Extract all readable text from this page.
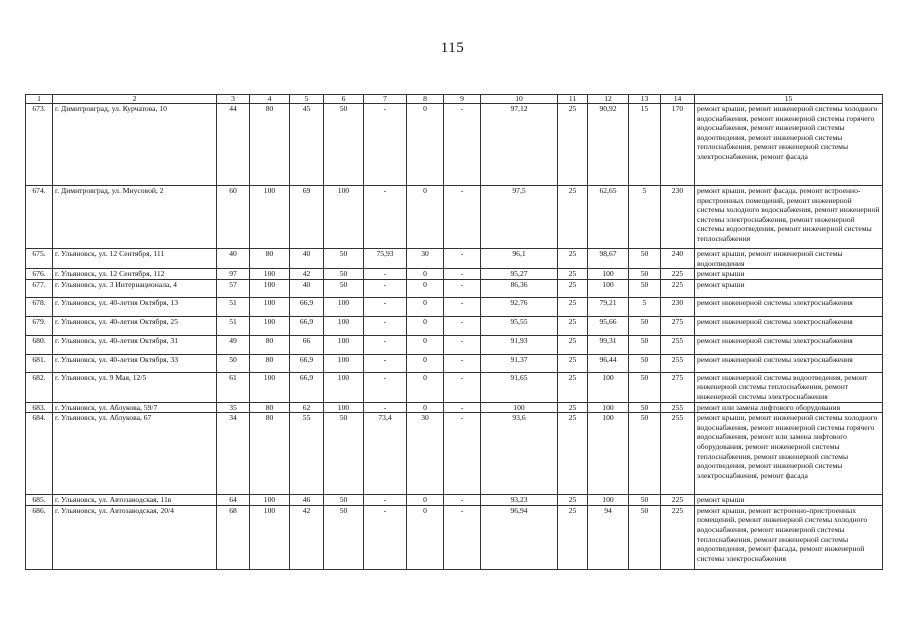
115
1	2	3	4	5	6	7	8	9	10	11	12	13	14	15
673.	г. Димитровград, ул. Курчатова, 10	44	80	45	50	-	0	-	97,12	25	90,92	15	170	ремонт крыши, ремонт инженерной системы холодного водоснабжения, ремонт инженерной системы горячего водоснабжения, ремонт инженерной системы водоотведения, ремонт инженерной системы теплоснабжения, ремонт инженерной системы электроснабжения, ремонт фасада
674.	г. Димитровград, ул. Миусовой, 2	60	100	69	100	-	0	-	97,5	25	62,65	5	230	ремонт крыши, ремонт фасада, ремонт встроенно-пристроенных помещений, ремонт инженерной системы холодного водоснабжения, ремонт инженерной системы электроснабжения, ремонт инженерной системы водоотведения, ремонт инженерной системы теплоснабжения
675.	г. Ульяновск, ул. 12 Сентября, 111	40	80	40	50	75,93	30	-	96,1	25	98,67	50	240	ремонт крыши, ремонт инженерной системы водоотведения
676.	г. Ульяновск, ул. 12 Сентября, 112	97	100	42	50	-	0	-	95,27	25	100	50	225	ремонт крыши
677.	г. Ульяновск, ул. 3 Интернационала, 4	57	100	40	50	-	0	-	86,36	25	100	50	225	ремонт крыши
678.	г. Ульяновск, ул. 40-летия Октября, 13	51	100	66,9	100	-	0	-	92,76	25	79,21	5	230	ремонт инженерной системы электроснабжения
679.	г. Ульяновск, ул. 40-летия Октября, 25	51	100	66,9	100	-	0	-	95,55	25	95,66	50	275	ремонт инженерной системы электроснабжения
680.	г. Ульяновск, ул. 40-летия Октября, 31	49	80	66	100	-	0	-	91,93	25	99,31	50	255	ремонт инженерной системы электроснабжения
681.	г. Ульяновск, ул. 40-летия Октября, 33	50	80	66,9	100	-	0	-	91,37	25	96,44	50	255	ремонт инженерной системы электроснабжения
682.	г. Ульяновск, ул. 9 Мая, 12/5	61	100	66,9	100	-	0	-	91,65	25	100	50	275	ремонт инженерной системы водоотведения, ремонт инженерной системы теплоснабжения, ремонт инженерной системы электроснабжения
683.	г. Ульяновск, ул. Аблукова, 59/7	35	80	62	100	-	0	-	100	25	100	50	255	ремонт или замена лифтового оборудования
684.	г. Ульяновск, ул. Аблукова, 67	34	80	55	50	73,4	30	-	93,6	25	100	50	255	ремонт крыши, ремонт инженерной системы холодного водоснабжения, ремонт инженерной системы горячего водоснабжения, ремонт или замена лифтового оборудования, ремонт инженерной системы теплоснабжения, ремонт инженерной системы водоотведения, ремонт инженерной системы электроснабжения, ремонт фасада
685.	г. Ульяновск, ул. Автозаводская, 11в	64	100	46	50	-	0	-	93,23	25	100	50	225	ремонт крыши
686.	г. Ульяновск, ул. Автозаводская, 20/4	68	100	42	50	-	0	-	96,94	25	94	50	225	ремонт крыши, ремонт встроенно-пристроенных помещений, ремонт инженерной системы холодного водоснабжения, ремонт инженерной системы теплоснабжения, ремонт инженерной системы водоотведения, ремонт фасада, ремонт инженерной системы электроснабжения
